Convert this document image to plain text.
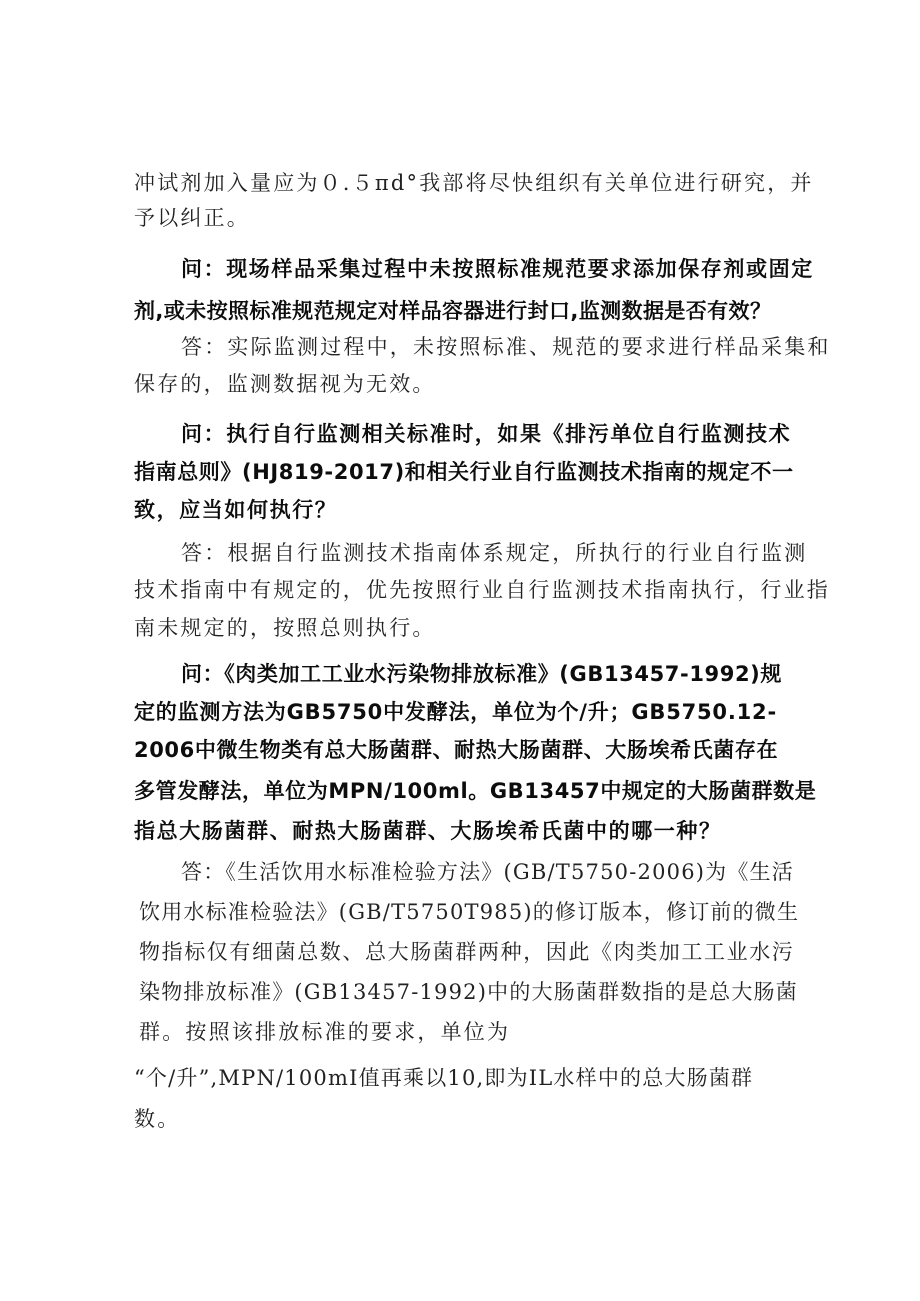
冲试剂加入量应为０.５πd°我部将尽快组织有关单位进行研究，并
予以纠正。
问：现场样品采集过程中未按照标准规范要求添加保存剂或固定
剂,或未按照标准规范规定对样品容器进行封口,监测数据是否有效？
答：实际监测过程中，未按照标准、规范的要求进行样品采集和
保存的，监测数据视为无效。
问：执行自行监测相关标准时，如果《排污单位自行监测技术
指南总则》(HJ819-2017)和相关行业自行监测技术指南的规定不一
致，应当如何执行？
答：根据自行监测技术指南体系规定，所执行的行业自行监测
技术指南中有规定的，优先按照行业自行监测技术指南执行，行业指
南未规定的，按照总则执行。
问：《肉类加工工业水污染物排放标准》(GB13457-1992)规
定的监测方法为GB5750中发酵法，单位为个/升；GB5750.12-
2006中微生物类有总大肠菌群、耐热大肠菌群、大肠埃希氏菌存在
多管发酵法，单位为MPN/100ml。GB13457中规定的大肠菌群数是
指总大肠菌群、耐热大肠菌群、大肠埃希氏菌中的哪一种？
答：《生活饮用水标准检验方法》(GB/T5750-2006)为《生活
饮用水标准检验法》(GB/T5750T985)的修订版本，修订前的微生
物指标仅有细菌总数、总大肠菌群两种，因此《肉类加工工业水污
染物排放标准》(GB13457-1992)中的大肠菌群数指的是总大肠菌
群。按照该排放标准的要求，单位为
“个/升”,MPN/100mI值再乘以10,即为IL水样中的总大肠菌群
数。
